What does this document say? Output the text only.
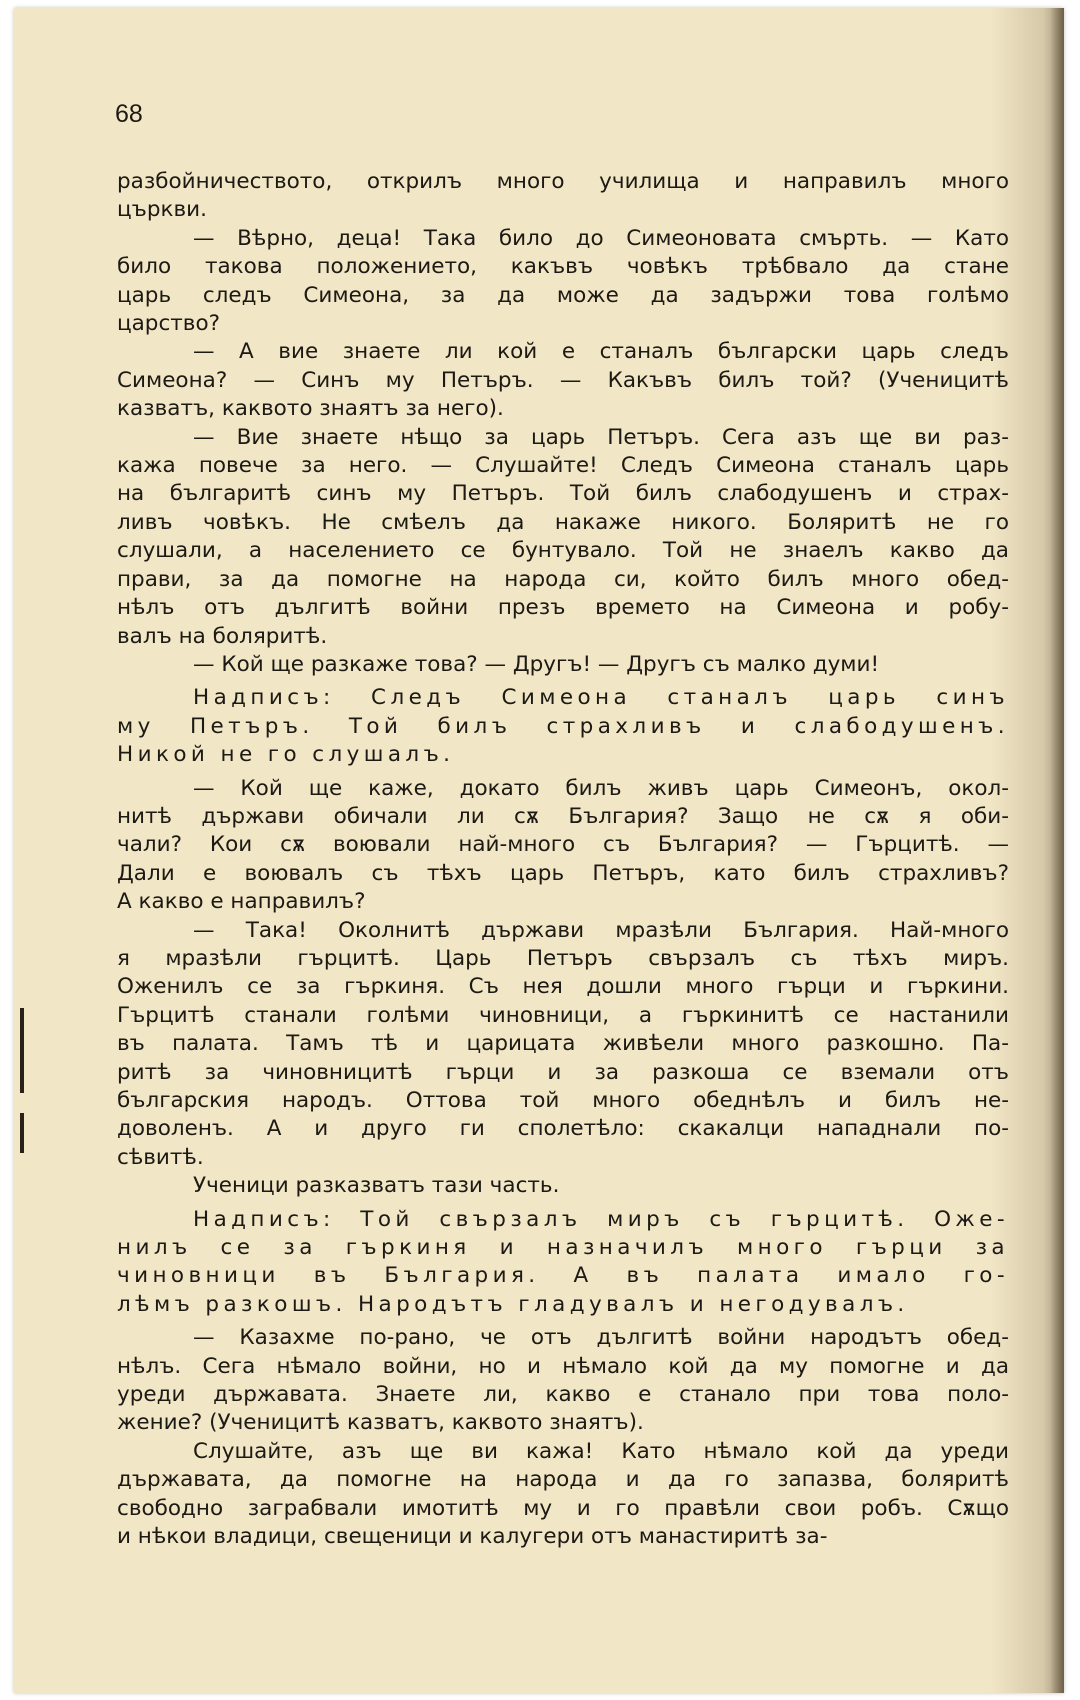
68
разбойничеството, открилъ много училища и направилъ много
църкви.
— Вѣрно, деца! Така било до Симеоновата смърть. — Като
било такова положението, какъвъ човѣкъ трѣбвало да стане
царь следъ Симеона, за да може да задържи това голѣмо
царство?
— А вие знаете ли кой е станалъ български царь следъ
Симеона? — Синъ му Петъръ. — Какъвъ билъ той? (Ученицитѣ
казватъ, каквото знаятъ за него).
— Вие знаете нѣщо за царь Петъръ. Сега азъ ще ви раз-
кажа повече за него. — Слушайте! Следъ Симеона станалъ царь
на българитѣ синъ му Петъръ. Той билъ слабодушенъ и страх-
ливъ човѣкъ. Не смѣелъ да накаже никого. Боляритѣ не го
слушали, а населението се бунтувало. Той не знаелъ какво да
прави, за да помогне на народа си, който билъ много обед-
нѣлъ отъ дългитѣ войни презъ времето на Симеона и робу-
валъ на боляритѣ.
— Кой ще разкаже това? — Другъ! — Другъ съ малко думи!
Надписъ: Следъ Симеона станалъ царь синъ
му Петъръ. Той билъ страхливъ и слабодушенъ.
Никой не го слушалъ.
— Кой ще каже, докато билъ живъ царь Симеонъ, окол-
нитѣ държави обичали ли сѫ България? Защо не сѫ я оби-
чали? Кои сѫ воювали най-много съ България? — Гърцитѣ. —
Дали е воювалъ съ тѣхъ царь Петъръ, като билъ страхливъ?
А какво е направилъ?
— Така! Околнитѣ държави мразѣли България. Най-много
я мразѣли гърцитѣ. Царь Петъръ свързалъ съ тѣхъ миръ.
Оженилъ се за гъркиня. Съ нея дошли много гърци и гъркини.
Гърцитѣ станали голѣми чиновници, а гъркинитѣ се настанили
въ палата. Тамъ тѣ и царицата живѣели много разкошно. Па-
ритѣ за чиновницитѣ гърци и за разкоша се вземали отъ
българския народъ. Оттова той много обеднѣлъ и билъ не-
доволенъ. А и друго ги сполетѣло: скакалци нападнали по-
сѣвитѣ.
Ученици разказватъ тази часть.
Надписъ: Той свързалъ миръ съ гърцитѣ. Оже-
нилъ се за гъркиня и назначилъ много гърци за
чиновници въ България. А въ палата имало го-
лѣмъ разкошъ. Народътъ гладувалъ и негодувалъ.
— Казахме по-рано, че отъ дългитѣ войни народътъ обед-
нѣлъ. Сега нѣмало войни, но и нѣмало кой да му помогне и да
уреди държавата. Знаете ли, какво е станало при това поло-
жение? (Ученицитѣ казватъ, каквото знаятъ).
Слушайте, азъ ще ви кажа! Като нѣмало кой да уреди
държавата, да помогне на народа и да го запазва, боляритѣ
свободно заграбвали имотитѣ му и го правѣли свои робъ. Сѫщо
и нѣкои владици, свещеници и калугери отъ манастиритѣ за-
